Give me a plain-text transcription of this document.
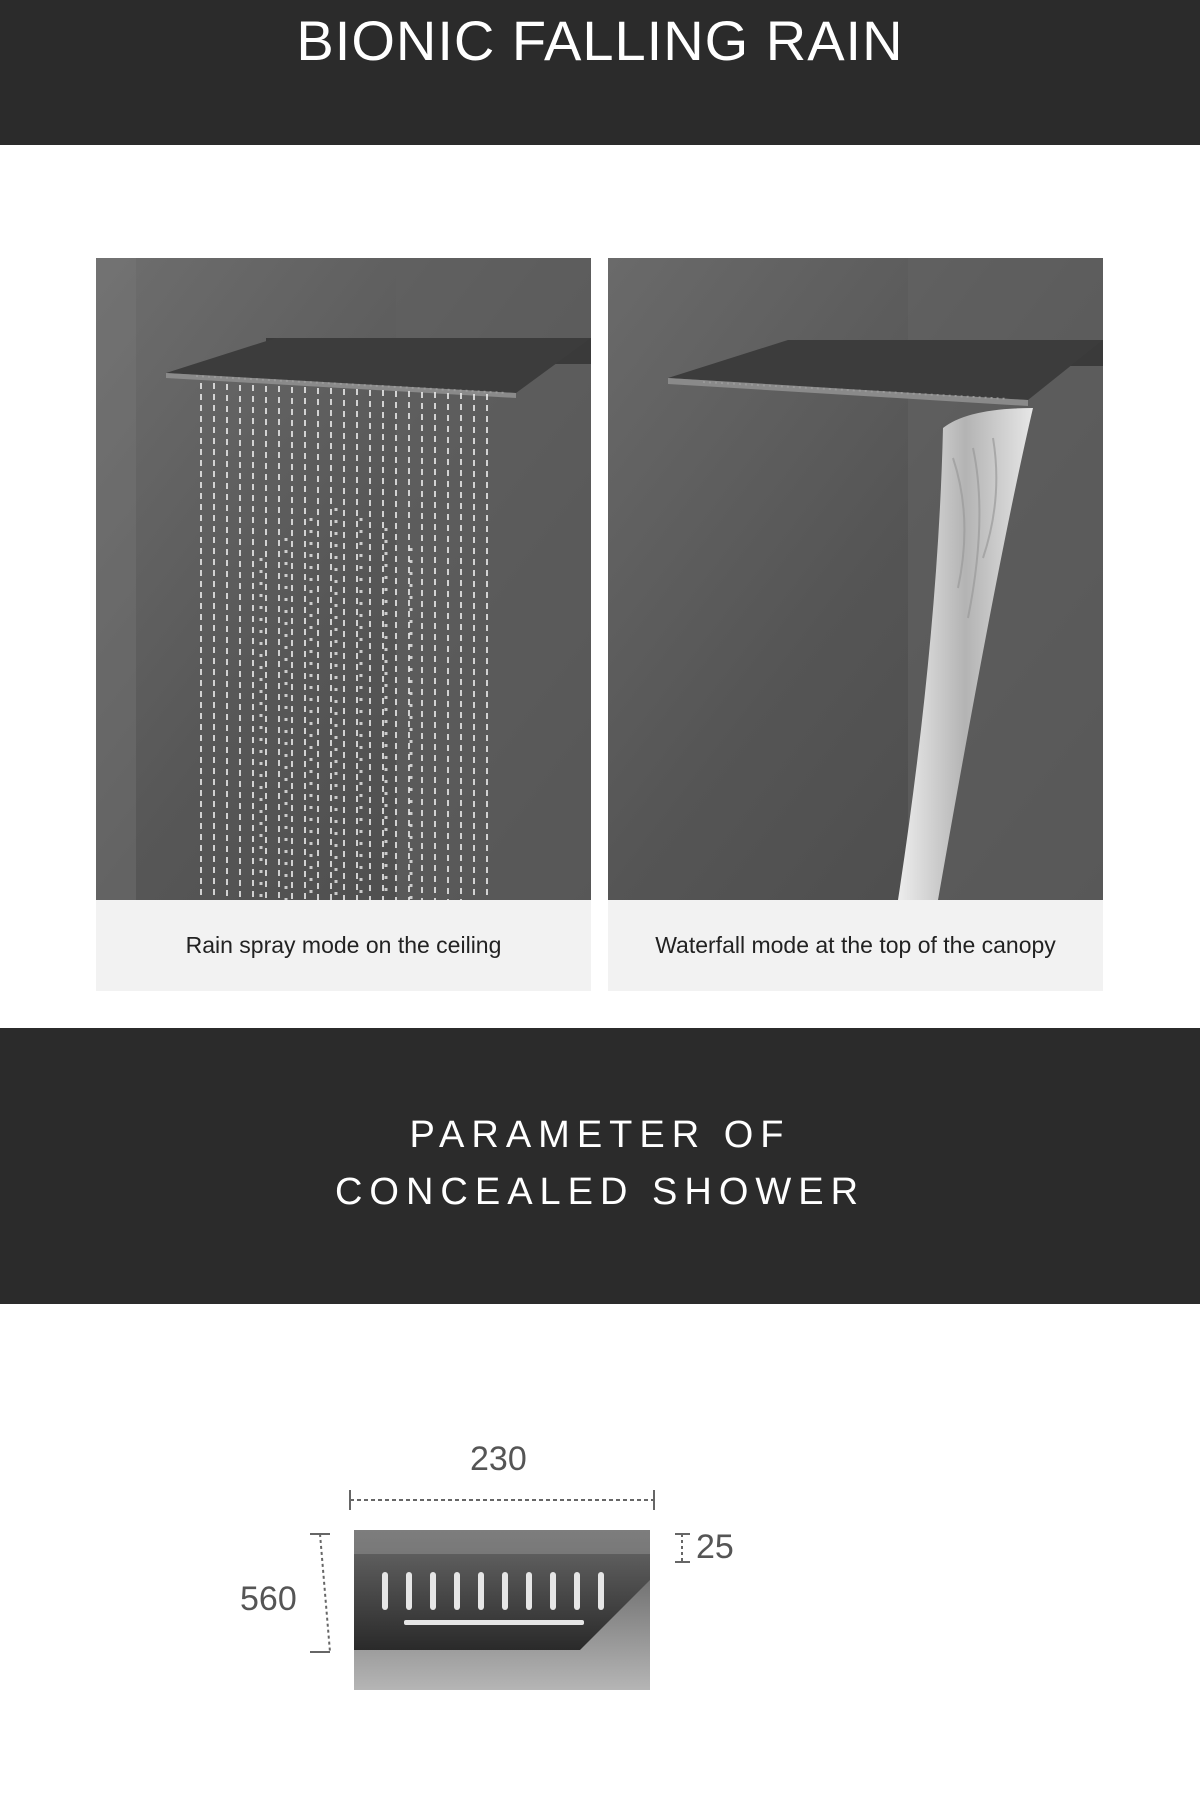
BIONIC FALLING RAIN
Rain spray mode on the ceiling	Waterfall mode at the top of the canopy
PARAMETER OF
CONCEALED SHOWER
230
25
560
